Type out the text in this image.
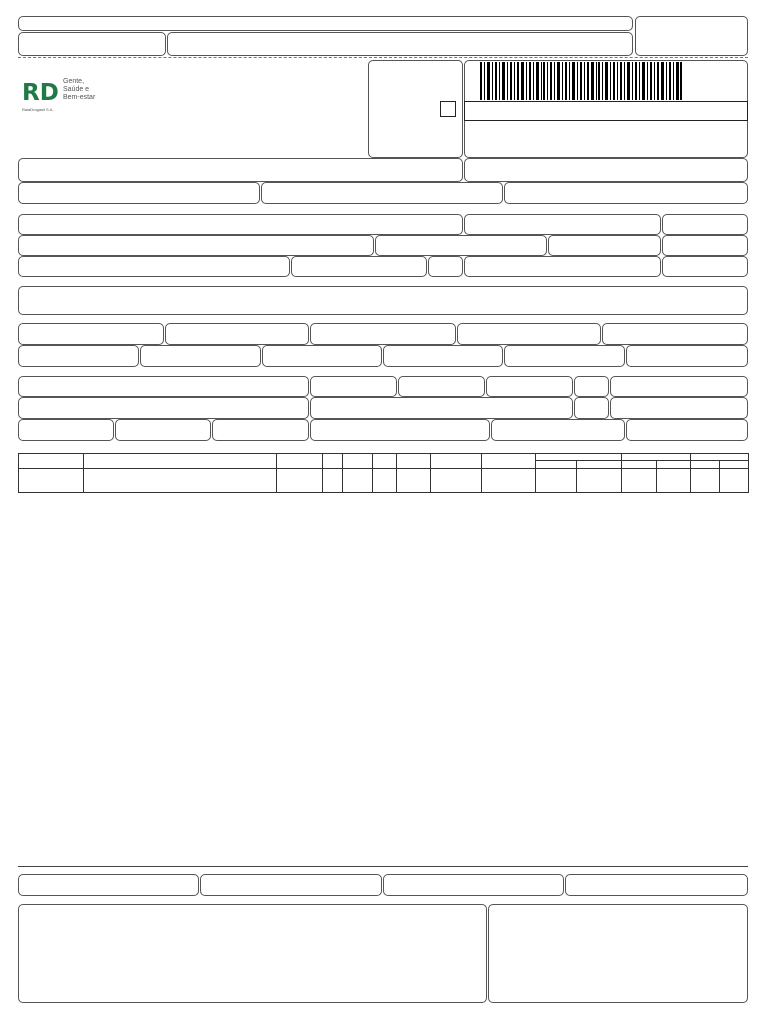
RD Gente,
Saúde e
Bem-estar
RaiaDrogasil S.A.
